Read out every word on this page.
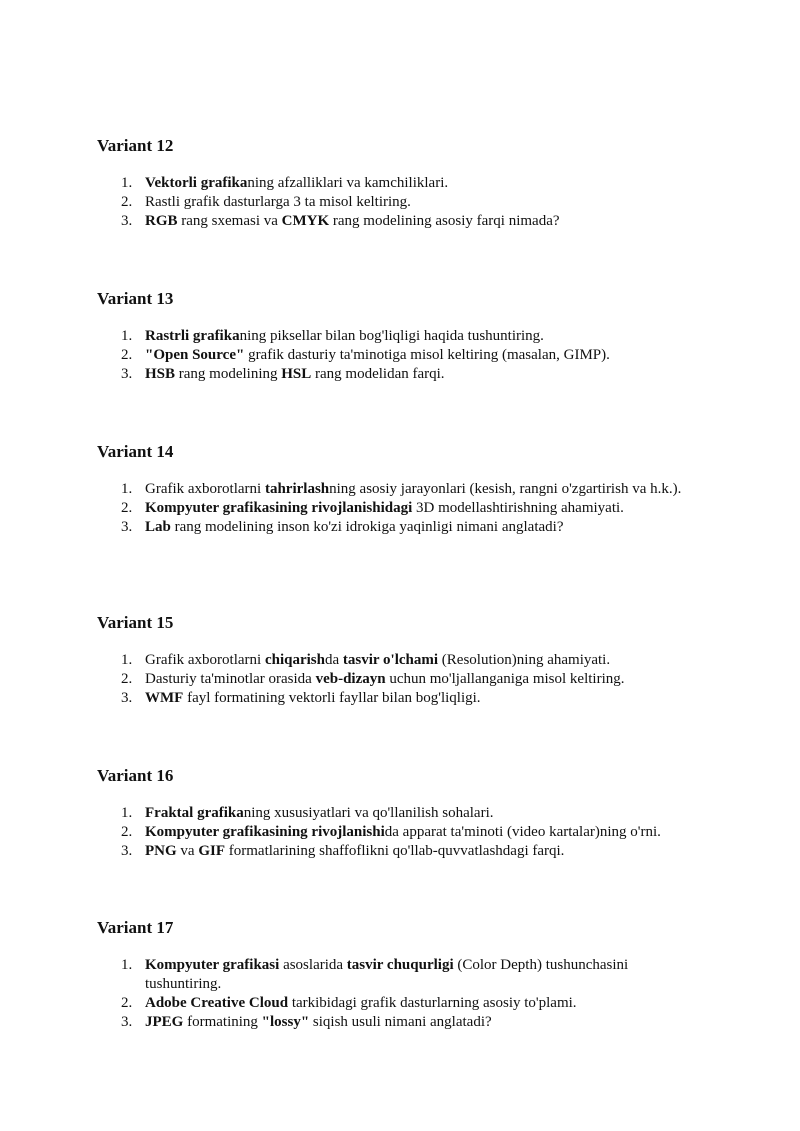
Variant 12
1. Vektorli grafikaning afzalliklari va kamchiliklari.
2. Rastli grafik dasturlarga 3 ta misol keltiring.
3. RGB rang sxemasi va CMYK rang modelining asosiy farqi nimada?
Variant 13
1. Rastrli grafikaning piksellar bilan bog'liqligi haqida tushuntiring.
2. "Open Source" grafik dasturiy ta'minotiga misol keltiring (masalan, GIMP).
3. HSB rang modelining HSL rang modelidan farqi.
Variant 14
1. Grafik axborotlarni tahrirlashning asosiy jarayonlari (kesish, rangni o'zgartirish va h.k.).
2. Kompyuter grafikasining rivojlanishidagi 3D modellashtirishning ahamiyati.
3. Lab rang modelining inson ko'zi idrokiga yaqinligi nimani anglatadi?
Variant 15
1. Grafik axborotlarni chiqarishda tasvir o'lchami (Resolution)ning ahamiyati.
2. Dasturiy ta'minotlar orasida veb-dizayn uchun mo'ljallanganiga misol keltiring.
3. WMF fayl formatining vektorli fayllar bilan bog'liqligi.
Variant 16
1. Fraktal grafikaning xususiyatlari va qo'llanilish sohalari.
2. Kompyuter grafikasining rivojlanishida apparat ta'minoti (video kartalar)ning o'rni.
3. PNG va GIF formatlarining shaffoflikni qo'llab-quvvatlashdagi farqi.
Variant 17
1. Kompyuter grafikasi asoslarida tasvir chuqurligi (Color Depth) tushunchasini tushuntiring.
2. Adobe Creative Cloud tarkibidagi grafik dasturlarning asosiy to'plami.
3. JPEG formatining "lossy" siqish usuli nimani anglatadi?
